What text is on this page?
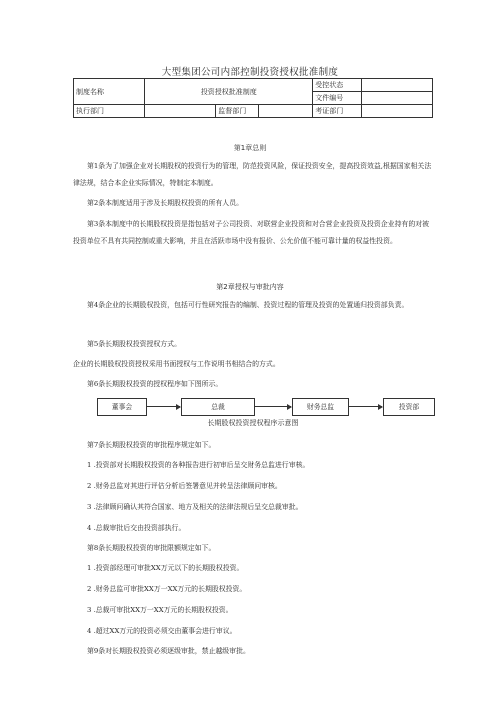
大型集团公司内部控制投资授权批准制度
制度名称	投资授权批准制度			受控状态	
				文件编号	
执行部门		监督部门		考证部门	
第1章总则
第1条为了加强企业对长期股权的投资行为的管理，防范投资风险，保证投资安全，提高投资效益,根据国家相关法律法规，结合本企业实际情况，特制定本制度。
第2条本制度适用于涉及长期股权投资的所有人员。
第3条本制度中的长期股权投资是指包括对子公司投资、对联营企业投资和对合营企业投资及投资企业持有的对被投资单位不具有共同控制或重大影响，并且在活跃市场中没有报价、公允价值不能可靠计量的权益性投资。
第2章授权与审批内容
第4条企业的长期股权投资，包括可行性研究报告的编制、投资过程的管理及投资的处置通归投资部负责。
第5条长期股权投资授权方式。
企业的长期股权投资授权采用书面授权与工作说明书相结合的方式。
第6条长期股权投资的授权程序如下图所示。
董事会	总裁	财务总监	投资部
长期股权投资授权程序示意图
第7条长期股权投资的审批程序规定如下。
1 .投资部对长期股权投资的各种报告进行初审后呈交财务总监进行审核。
2 .财务总监对其进行评估分析后签署意见并转呈法律顾问审核。
3 .法律顾问确认其符合国家、地方及相关的法律法规后呈交总裁审批。
4 .总裁审批后交由投资部执行。
第8条长期股权投资的审批限额规定如下。
1 .投资部经理可审批XX万元以下的长期股权投资。
2 .财务总监可审批XX万一XX万元的长期股权投资。
3 .总裁可审批XX万一XX万元的长期股权投资。
4 .超过XX万元的投资必须交由董事会进行审议。
第9条对长期股权投资必须逐级审批，禁止越级审批。
